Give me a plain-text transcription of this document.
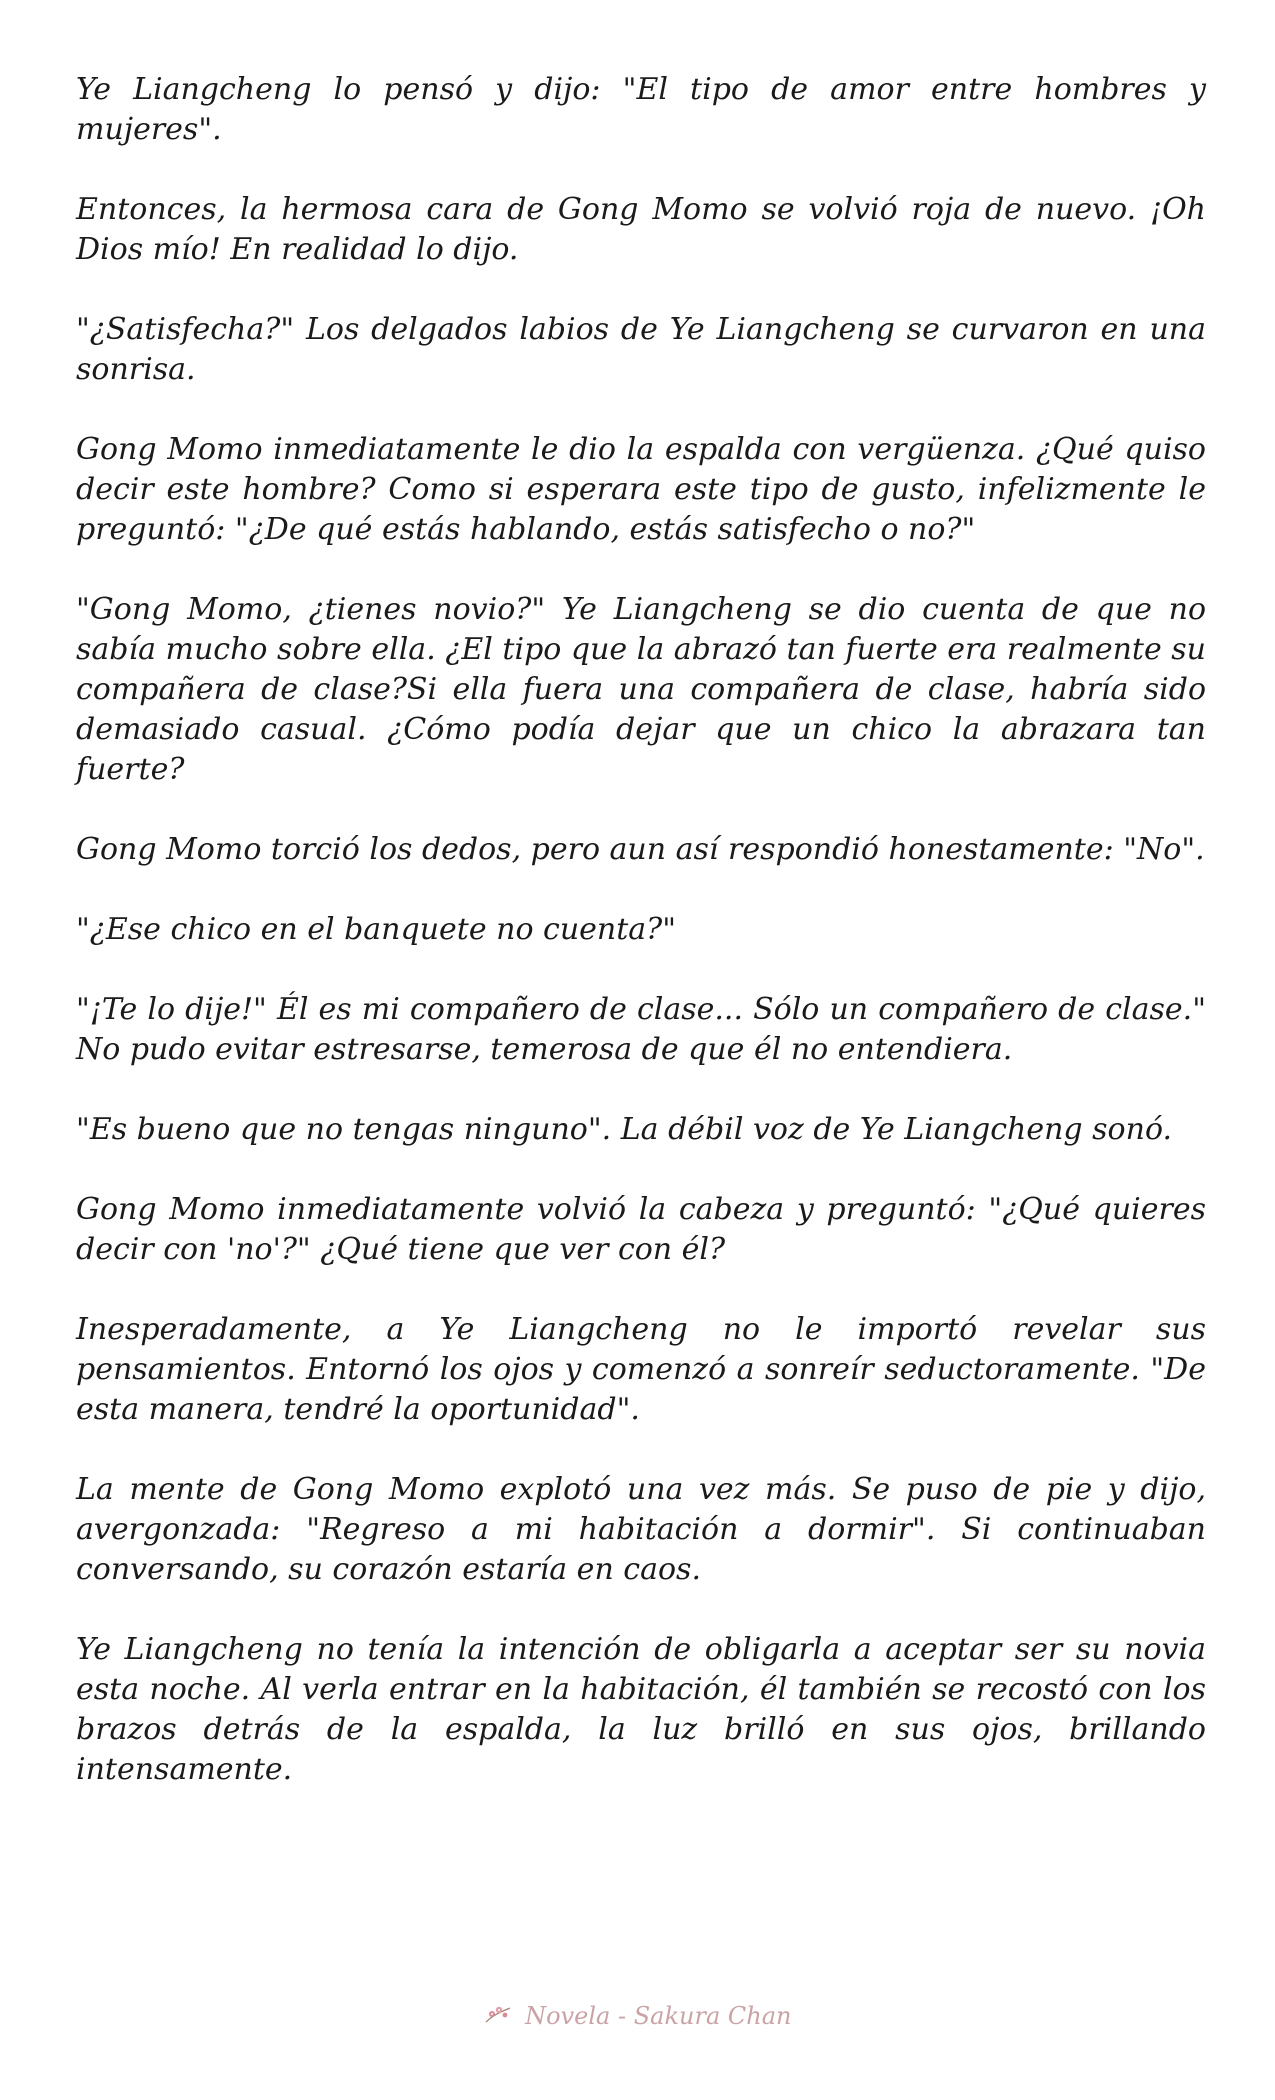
Ye Liangcheng lo pensó y dijo: "El tipo de amor entre hombres y mujeres".

Entonces, la hermosa cara de Gong Momo se volvió roja de nuevo. ¡Oh Dios mío! En realidad lo dijo.

"¿Satisfecha?" Los delgados labios de Ye Liangcheng se curvaron en una sonrisa.

Gong Momo inmediatamente le dio la espalda con vergüenza. ¿Qué quiso decir este hombre? Como si esperara este tipo de gusto, infelizmente le preguntó: "¿De qué estás hablando, estás satisfecho o no?"

"Gong Momo, ¿tienes novio?" Ye Liangcheng se dio cuenta de que no sabía mucho sobre ella. ¿El tipo que la abrazó tan fuerte era realmente su compañera de clase?Si ella fuera una compañera de clase, habría sido demasiado casual. ¿Cómo podía dejar que un chico la abrazara tan fuerte?

Gong Momo torció los dedos, pero aun así respondió honestamente: "No".

"¿Ese chico en el banquete no cuenta?"

"¡Te lo dije!" Él es mi compañero de clase... Sólo un compañero de clase." No pudo evitar estresarse, temerosa de que él no entendiera.

"Es bueno que no tengas ninguno". La débil voz de Ye Liangcheng sonó.

Gong Momo inmediatamente volvió la cabeza y preguntó: "¿Qué quieres decir con 'no'?" ¿Qué tiene que ver con él?

Inesperadamente, a Ye Liangcheng no le importó revelar sus pensamientos. Entornó los ojos y comenzó a sonreír seductoramente. "De esta manera, tendré la oportunidad".

La mente de Gong Momo explotó una vez más. Se puso de pie y dijo, avergonzada: "Regreso a mi habitación a dormir". Si continuaban conversando, su corazón estaría en caos.

Ye Liangcheng no tenía la intención de obligarla a aceptar ser su novia esta noche. Al verla entrar en la habitación, él también se recostó con los brazos detrás de la espalda, la luz brilló en sus ojos, brillando intensamente.

Novela - Sakura Chan
